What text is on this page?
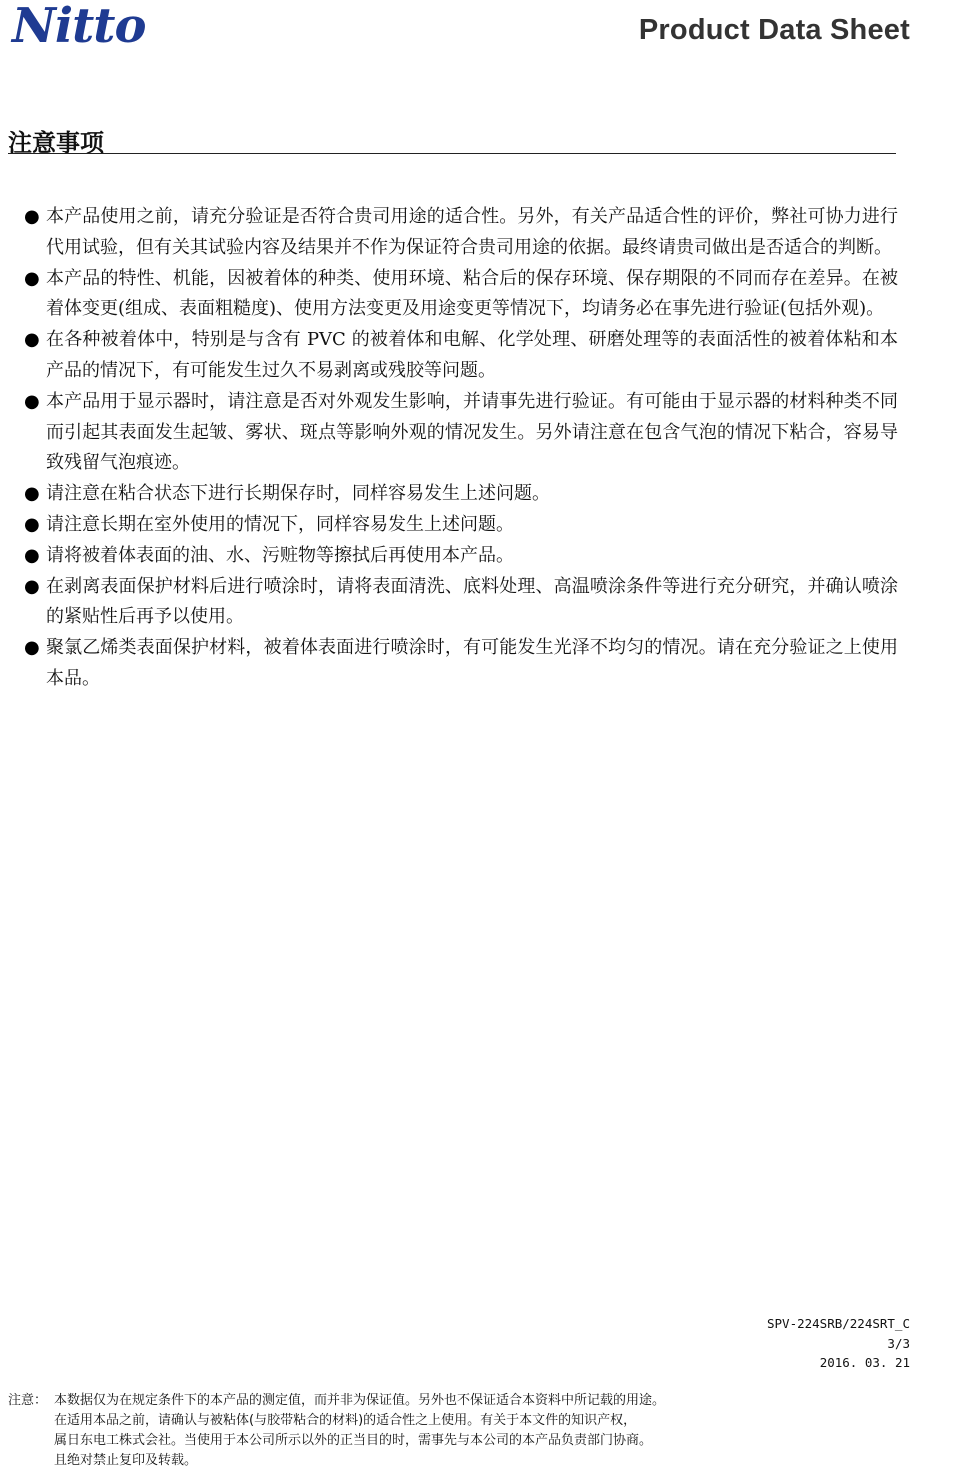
Nitto	Product Data Sheet
注意事项
● 本产品使用之前，请充分验证是否符合贵司用途的适合性。另外，有关产品适合性的评价，弊社可协力进行代用试验，但有关其试验内容及结果并不作为保证符合贵司用途的依据。最终请贵司做出是否适合的判断。
● 本产品的特性、机能，因被着体的种类、使用环境、粘合后的保存环境、保存期限的不同而存在差异。在被着体变更(组成、表面粗糙度)、使用方法变更及用途变更等情况下，均请务必在事先进行验证(包括外观)。
● 在各种被着体中，特别是与含有 PVC 的被着体和电解、化学处理、研磨处理等的表面活性的被着体粘和本产品的情况下，有可能发生过久不易剥离或残胶等问题。
● 本产品用于显示器时，请注意是否对外观发生影响，并请事先进行验证。有可能由于显示器的材料种类不同而引起其表面发生起皱、雾状、斑点等影响外观的情况发生。另外请注意在包含气泡的情况下粘合，容易导致残留气泡痕迹。
● 请注意在粘合状态下进行长期保存时，同样容易发生上述问题。
● 请注意长期在室外使用的情况下，同样容易发生上述问题。
● 请将被着体表面的油、水、污赃物等擦拭后再使用本产品。
● 在剥离表面保护材料后进行喷涂时，请将表面清洗、底料处理、高温喷涂条件等进行充分研究，并确认喷涂的紧贴性后再予以使用。
● 聚氯乙烯类表面保护材料，被着体表面进行喷涂时，有可能发生光泽不均匀的情况。请在充分验证之上使用本品。
SPV-224SRB/224SRT_C
3/3
2016. 03. 21
注意： 本数据仅为在规定条件下的本产品的测定值，而并非为保证值。另外也不保证适合本资料中所记载的用途。
在适用本品之前，请确认与被粘体(与胶带粘合的材料)的适合性之上使用。有关于本文件的知识产权，
属日东电工株式会社。当使用于本公司所示以外的正当目的时，需事先与本公司的本产品负责部门协商。
且绝对禁止复印及转载。
